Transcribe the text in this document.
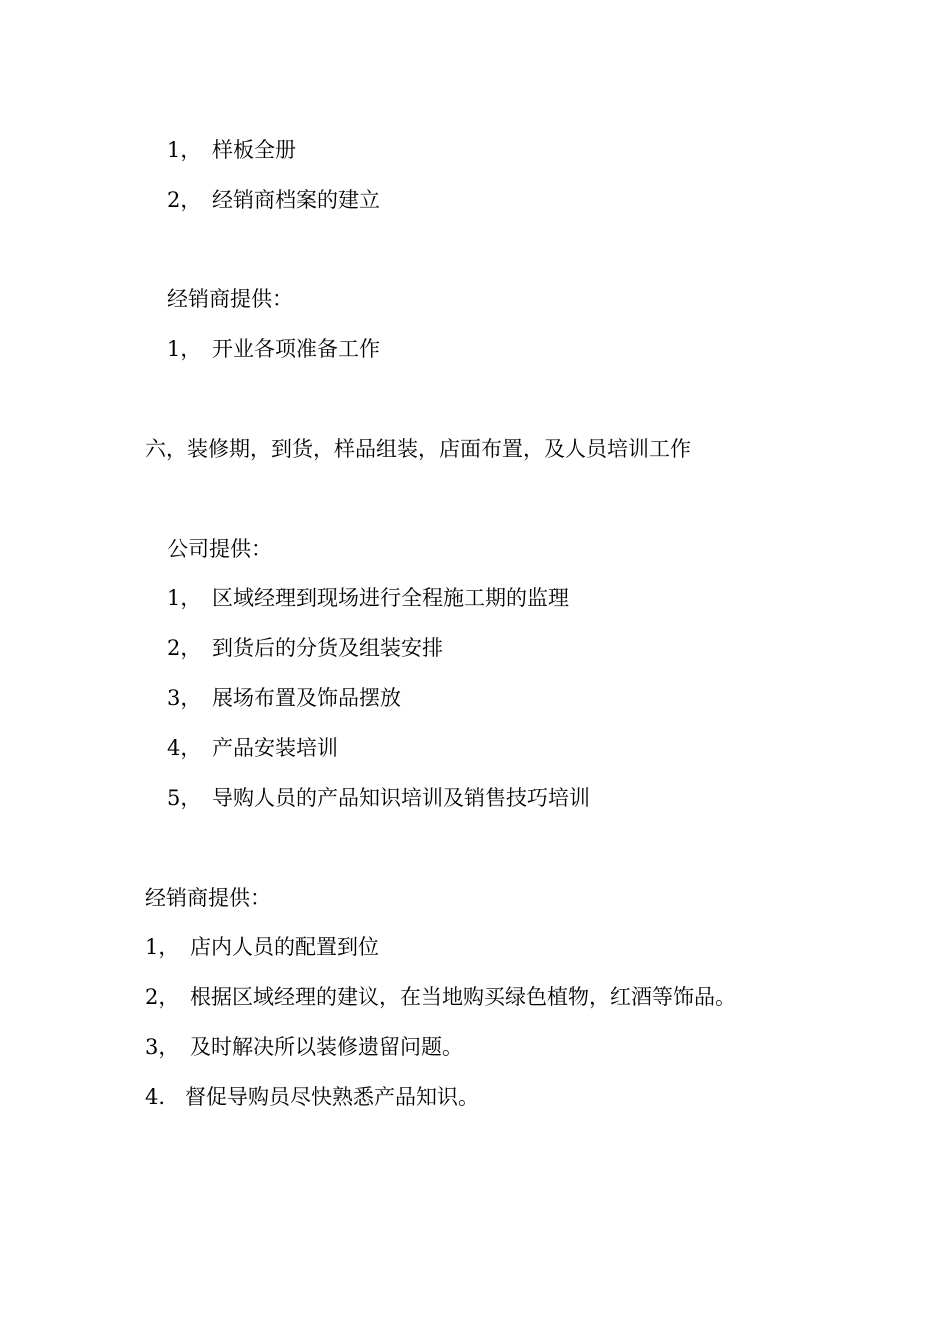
1， 样板全册
2， 经销商档案的建立
经销商提供：
1， 开业各项准备工作
六，装修期，到货，样品组装，店面布置，及人员培训工作
公司提供：
1， 区域经理到现场进行全程施工期的监理
2， 到货后的分货及组装安排
3， 展场布置及饰品摆放
4， 产品安装培训
5， 导购人员的产品知识培训及销售技巧培训
经销商提供：
1， 店内人员的配置到位
2， 根据区域经理的建议，在当地购买绿色植物，红酒等饰品。
3， 及时解决所以装修遗留问题。
4. 督促导购员尽快熟悉产品知识。
